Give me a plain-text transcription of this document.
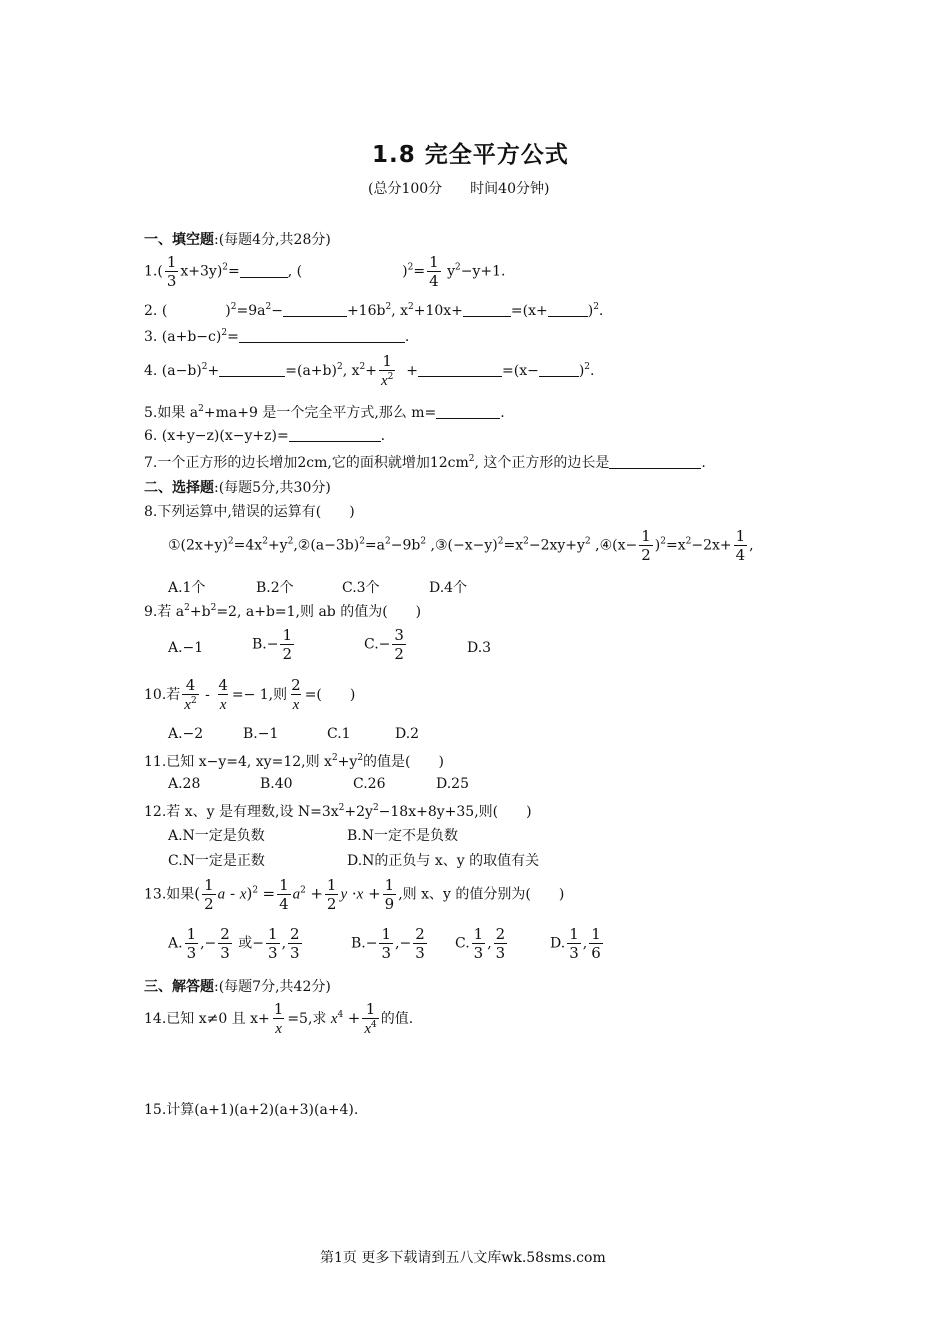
1.8 完全平方公式
(总分100分　　时间40分钟)
一、填空题:(每题4分,共28分)
$1.( \frac{1}{3} x+3y)^2=$	, (	)$^2= \frac{1}{4} y^2-y+1$.
2. (	)$^2=9a^2-$	$+16b^2$, $x^2+10x+$	=(x+	)$^2$.
3. $(a+b-c)^2=$	.
4. $(a-b)^2+$	$=(a+b)^2$, $x^2+ \frac{1}{x^2}$ +	=(x−	)$^2$.
5.如果 $a^2+ma+9$ 是一个完全平方式,那么 m=	.
6. (x+y−z)(x−y+z)=	.
7.一个正方形的边长增加2cm,它的面积就增加$12cm^2$, 这个正方形的边长是	.
二、选择题:(每题5分,共30分)
8.下列运算中,错误的运算有(　　)
$①(2x+y)^2=4x^2+y^2,②(a-3b)^2=a^2-9b^2$ $,③(-x-y)^2=x^2-2xy+y^2$ ,④(x− $\frac{1}{2} )^2=x^2-2x+ \frac{1}{4}$ ,
A.1个	B.2个	C.3个	D.4个
9.若 $a^2+b^2=2$, a+b=1,则 ab 的值为(　　)
A.−1	$B.- \frac{1}{2}$	$C.- \frac{3}{2}$	D.3
10.若 $\frac{4}{x^2} - \frac{4}{x} =- 1$,则 $\frac{2}{x}$ =(　　)
A.−2	B.−1	C.1	D.2
11.已知 x−y=4, xy=12,则 $x^2+y^2$的值是(　　)
A.28	B.40	C.26	D.25
12.若 x、y 是有理数,设 $N=3x^2+2y^2-18x+8y+35$,则(　　)
A.N一定是负数	B.N一定不是负数
C.N一定是正数	D.N的正负与 x、y 的取值有关
13.如果( $\frac{1}{2}$ $a - x)^2 = \frac{1}{4} a^2 + \frac{1}{2}$ $y \cdot x + \frac{1}{9}$ ,则 x、y 的值分别为(　　)
A. $\frac{1}{3}$ ,− $\frac{2}{3}$ 或− $\frac{1}{3}$ , $\frac{2}{3}$	$B.- \frac{1}{3}$ ,− $\frac{2}{3} C$. $\frac{1}{3}$ , $\frac{2}{3}$	D. $\frac{1}{3}$ , $\frac{1}{6}$
三、解答题:(每题7分,共42分)
14.已知 x≠0 且 $x+ \frac{1}{x} =5$,求 $x^4 + \frac{1}{x^4}$ 的值.
15.计算(a+1)(a+2)(a+3)(a+4).
第1页 更多下载请到五八文库wk.58sms.com
